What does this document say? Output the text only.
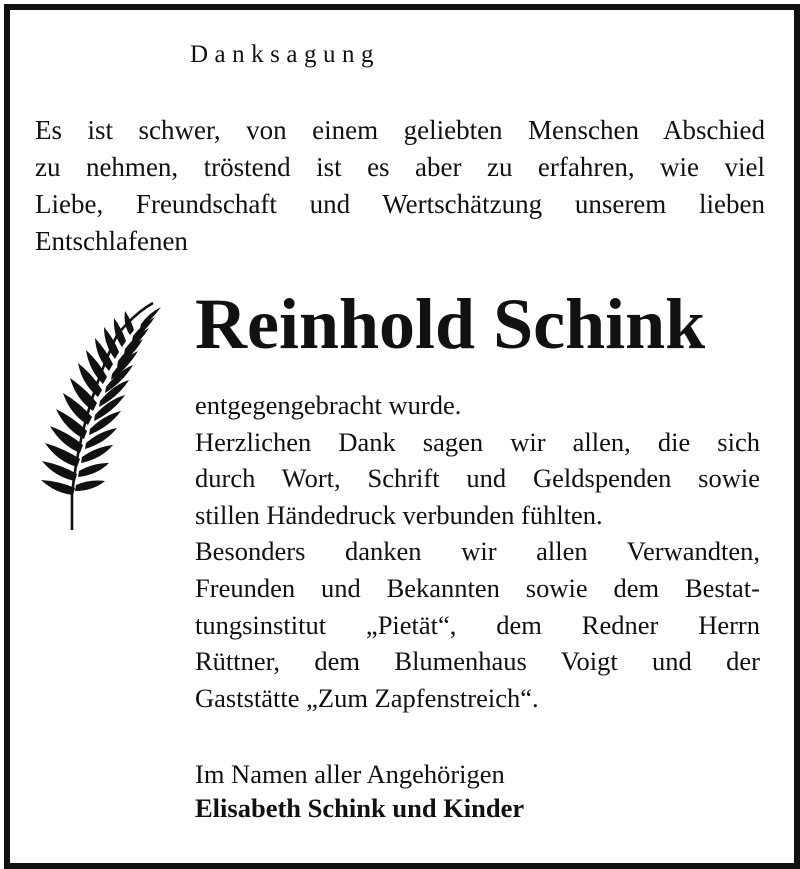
Danksagung
Es ist schwer, von einem geliebten Menschen Abschied
zu nehmen, tröstend ist es aber zu erfahren, wie viel
Liebe, Freundschaft und Wertschätzung unserem lieben
Entschlafenen
Reinhold Schink
entgegengebracht wurde.
Herzlichen Dank sagen wir allen, die sich
durch Wort, Schrift und Geldspenden sowie
stillen Händedruck verbunden fühlten.
Besonders danken wir allen Verwandten,
Freunden und Bekannten sowie dem Bestat-
tungsinstitut „Pietät“, dem Redner Herrn
Rüttner, dem Blumenhaus Voigt und der
Gaststätte „Zum Zapfenstreich“.
Im Namen aller Angehörigen
Elisabeth Schink und Kinder
